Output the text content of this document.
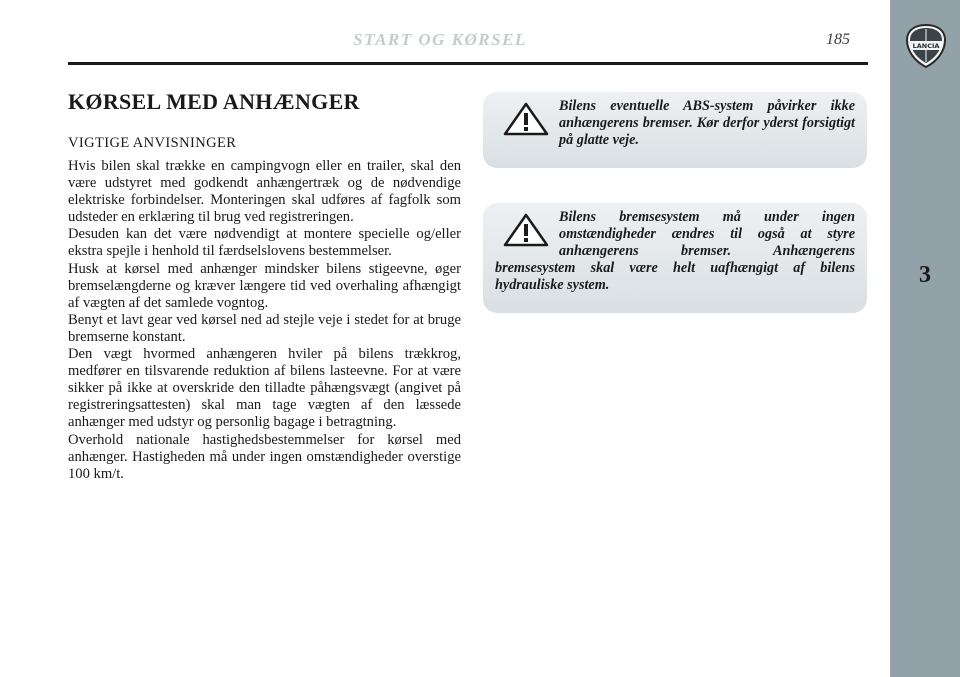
START OG KØRSEL	185	LANCIA
3
KØRSEL MED ANHÆNGER
VIGTIGE ANVISNINGER

Hvis bilen skal trække en campingvogn eller en trailer, skal den være udstyret med godkendt anhængertræk og de nødvendige elektriske forbindelser. Monteringen skal udføres af fagfolk som udsteder en erklæring til brug ved registreringen.

Desuden kan det være nødvendigt at montere specielle og/eller ekstra spejle i henhold til færdselslovens bestemmelser.

Husk at kørsel med anhænger mindsker bilens stigeevne, øger bremselængderne og kræver længere tid ved overhaling afhængigt af vægten af det samlede vogntog.

Benyt et lavt gear ved kørsel ned ad stejle veje i stedet for at bruge bremserne konstant.

Den vægt hvormed anhængeren hviler på bilens trækkrog, medfører en tilsvarende reduktion af bilens lasteevne. For at være sikker på ikke at overskride den tilladte påhængsvægt (angivet på registreringsattesten) skal man tage vægten af den læssede anhænger med udstyr og personlig bagage i betragtning.

Overhold nationale hastighedsbestemmelser for kørsel med anhænger. Hastigheden må under ingen omstændigheder overstige 100 km/t.

Bilens eventuelle ABS-system påvirker ikke anhængerens bremser. Kør derfor yderst forsigtigt på glatte veje.
Bilens bremsesystem må under ingen omstændigheder ændres til også at styre anhængerens bremser. Anhængerens bremsesystem skal være helt uafhængigt af bilens hydrauliske system.
